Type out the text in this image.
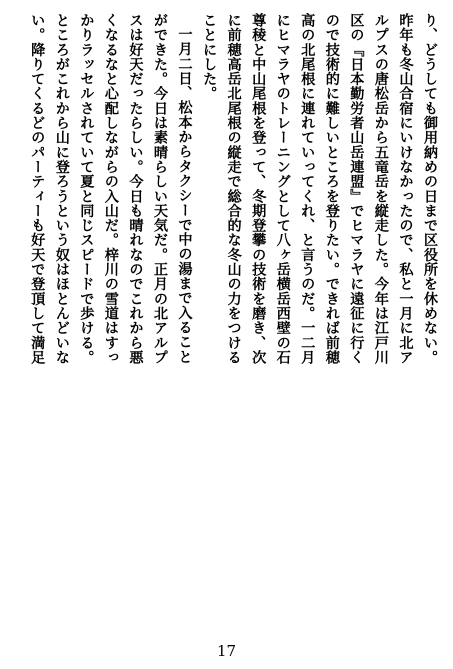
り、どうしても御用納めの日まで区役所を休めない。
昨年も冬山合宿にいけなかったので、私と一月に北ア
ルプスの唐松岳から五竜岳を縦走した。今年は江戸川
区の『日本勤労者山岳連盟』でヒマラヤに遠征に行く
ので技術的に難しいところを登りたい。できれば前穂
高の北尾根に連れていってくれ、と言うのだ。一二月
にヒマラヤのトレーニングとして八ヶ岳横岳西壁の石
尊稜と中山尾根を登って、冬期登攀の技術を磨き、次
に前穂高岳北尾根の縦走で総合的な冬山の力をつける
ことにした。

一月二日、松本からタクシーで中の湯まで入ること
ができた。今日は素晴らしい天気だ。正月の北アルプ
スは好天だったらしい。今日も晴れなのでこれから悪
くなるなと心配しながらの入山だ。梓川の雪道はすっ
かりラッセルされていて夏と同じスピードで歩ける。
ところがこれから山に登ろうという奴はほとんどいな
い。降りてくるどのパーティーも好天で登頂して満足

17
